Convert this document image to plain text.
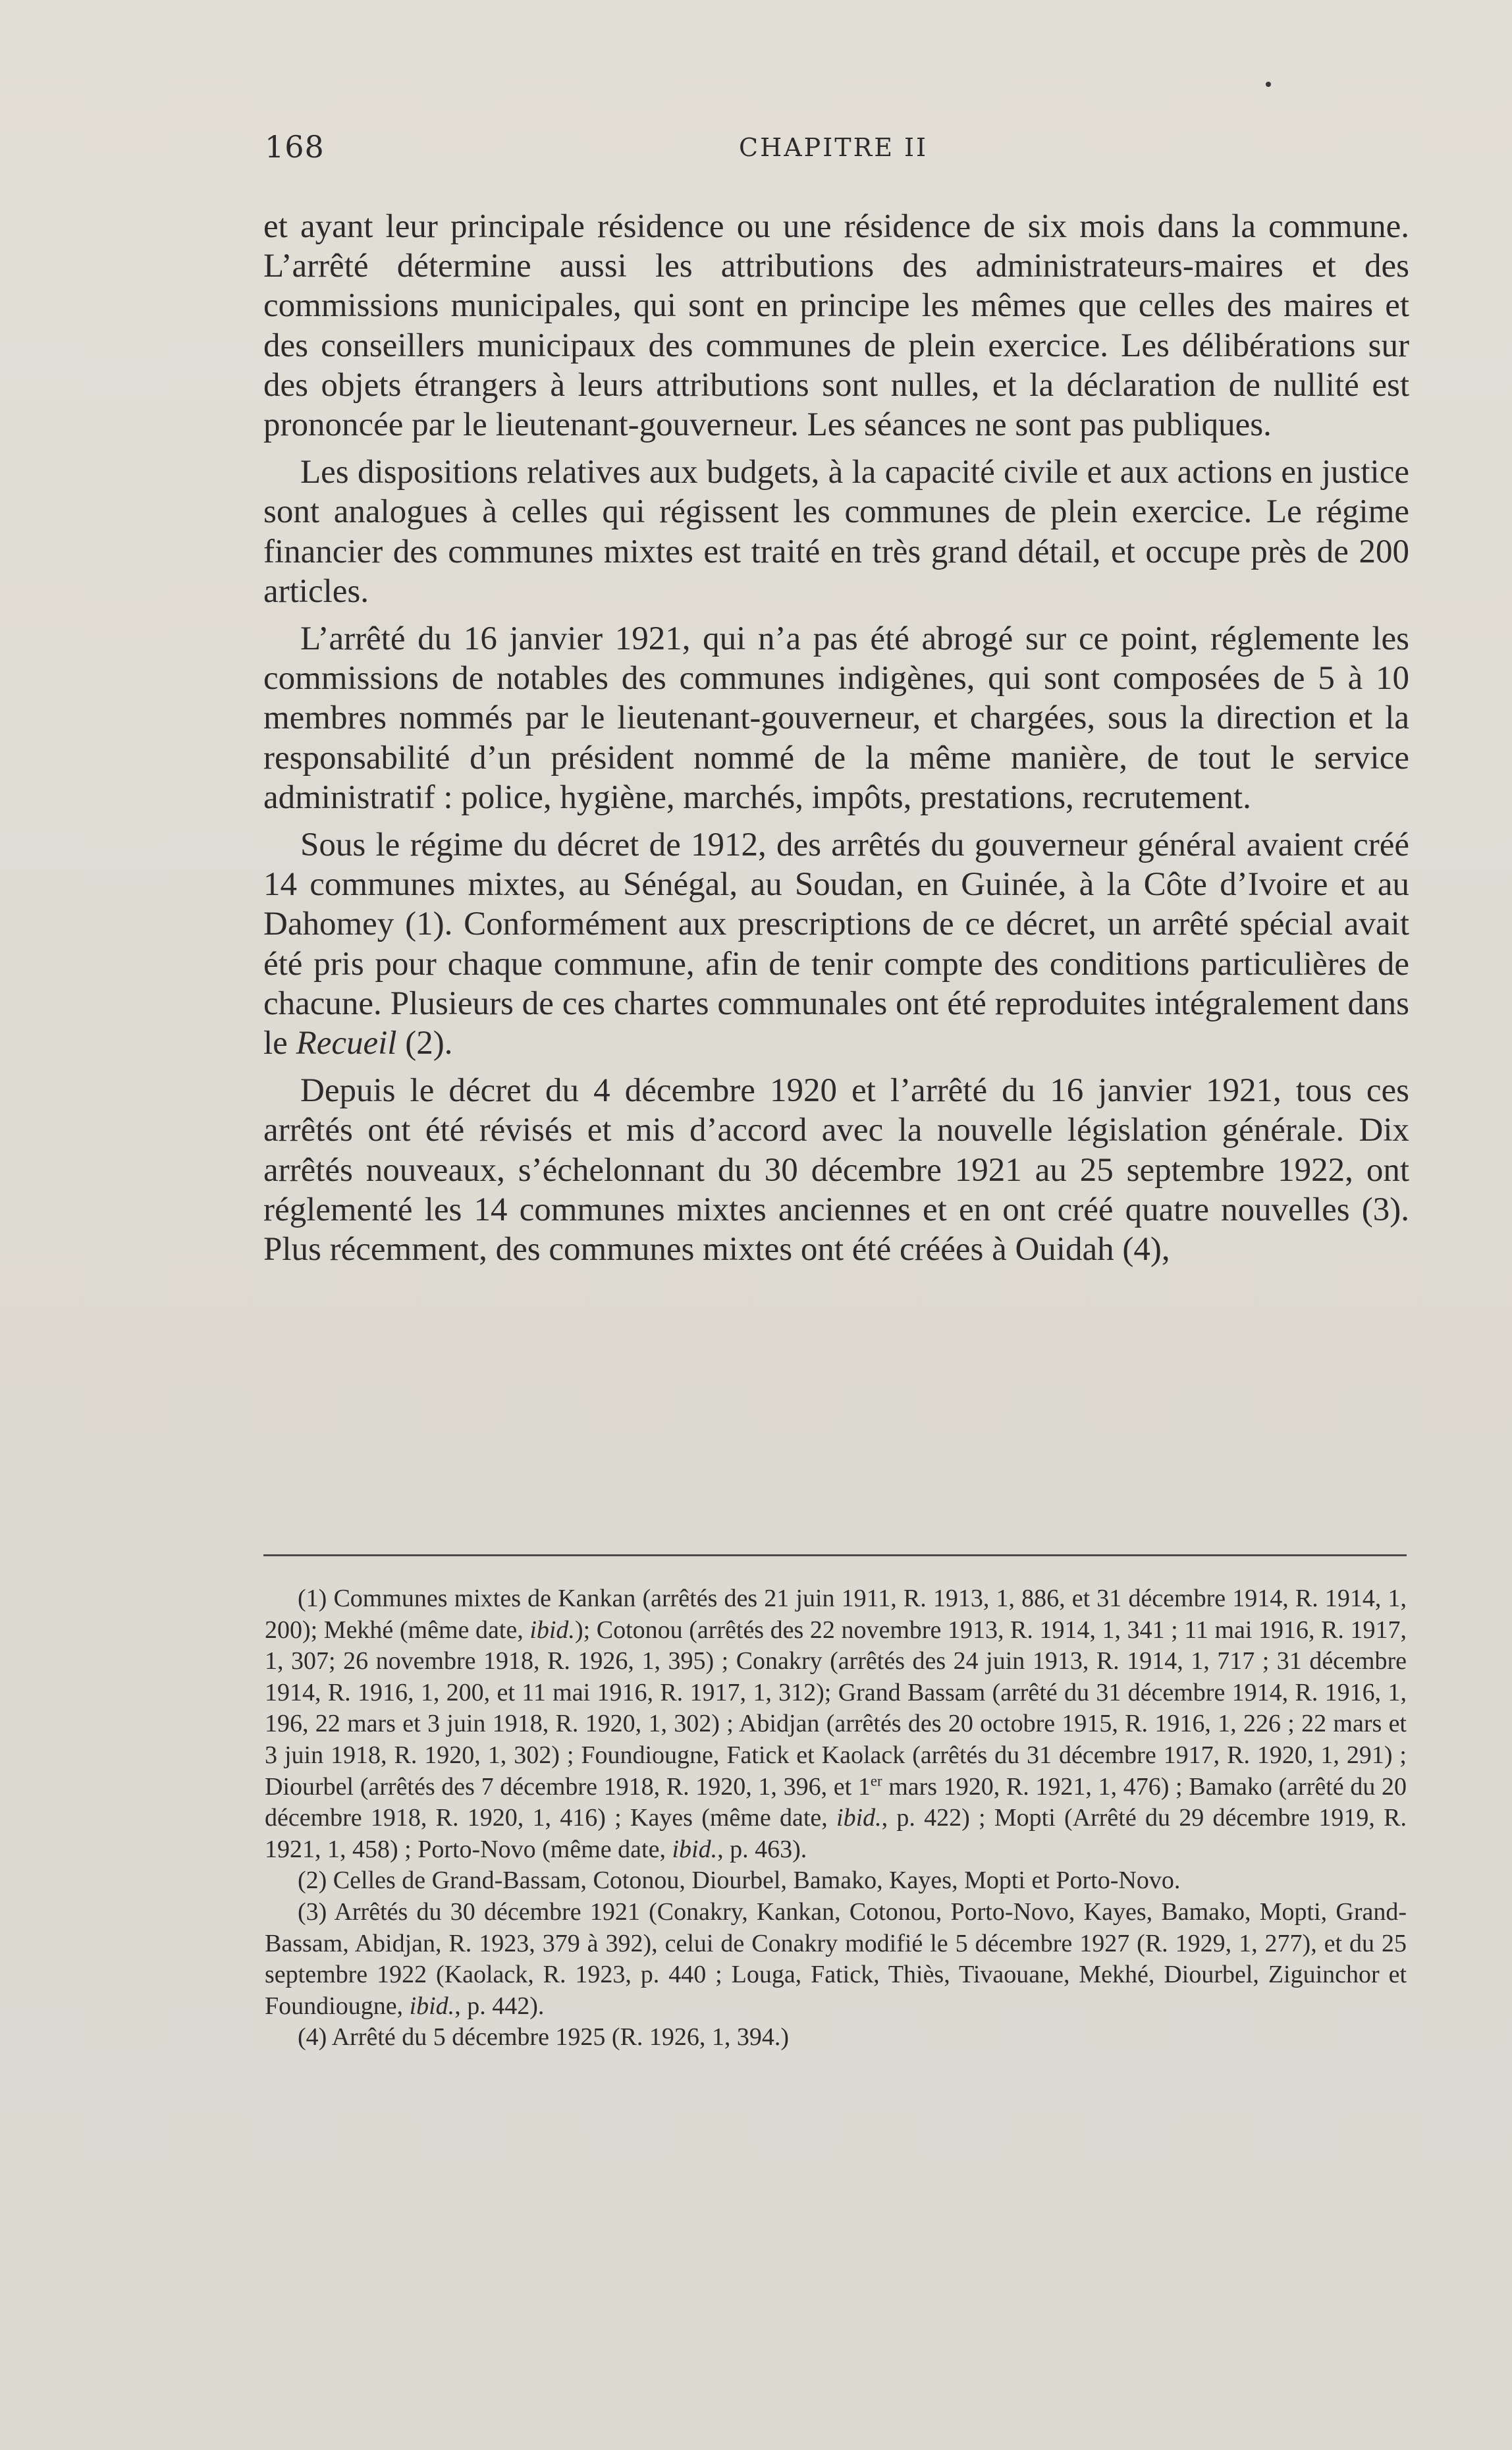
168	CHAPITRE II

et ayant leur principale résidence ou une résidence de six mois dans la commune. L’arrêté détermine aussi les attributions des administrateurs-maires et des commissions municipales, qui sont en principe les mêmes que celles des maires et des conseillers municipaux des communes de plein exercice. Les délibérations sur des objets étrangers à leurs attributions sont nulles, et la déclaration de nullité est prononcée par le lieutenant-gouverneur. Les séances ne sont pas publiques.

Les dispositions relatives aux budgets, à la capacité civile et aux actions en justice sont analogues à celles qui régissent les communes de plein exercice. Le régime financier des communes mixtes est traité en très grand détail, et occupe près de 200 articles.

L’arrêté du 16 janvier 1921, qui n’a pas été abrogé sur ce point, réglemente les commissions de notables des communes indigènes, qui sont composées de 5 à 10 membres nommés par le lieutenant-gouverneur, et chargées, sous la direction et la responsabilité d’un président nommé de la même manière, de tout le service administratif : police, hygiène, marchés, impôts, prestations, recrutement.

Sous le régime du décret de 1912, des arrêtés du gouverneur général avaient créé 14 communes mixtes, au Sénégal, au Soudan, en Guinée, à la Côte d’Ivoire et au Dahomey (1). Conformément aux prescriptions de ce décret, un arrêté spécial avait été pris pour chaque commune, afin de tenir compte des conditions particulières de chacune. Plusieurs de ces chartes communales ont été reproduites intégralement dans le Recueil (2).

Depuis le décret du 4 décembre 1920 et l’arrêté du 16 janvier 1921, tous ces arrêtés ont été révisés et mis d’accord avec la nouvelle législation générale. Dix arrêtés nouveaux, s’échelonnant du 30 décembre 1921 au 25 septembre 1922, ont réglementé les 14 communes mixtes anciennes et en ont créé quatre nouvelles (3). Plus récemment, des communes mixtes ont été créées à Ouidah (4),

(1) Communes mixtes de Kankan (arrêtés des 21 juin 1911, R. 1913, 1, 886, et 31 décembre 1914, R. 1914, 1, 200); Mekhé (même date, ibid.); Cotonou (arrêtés des 22 novembre 1913, R. 1914, 1, 341 ; 11 mai 1916, R. 1917, 1, 307; 26 novembre 1918, R. 1926, 1, 395) ; Conakry (arrêtés des 24 juin 1913, R. 1914, 1, 717 ; 31 décembre 1914, R. 1916, 1, 200, et 11 mai 1916, R. 1917, 1, 312); Grand Bassam (arrêté du 31 décembre 1914, R. 1916, 1, 196, 22 mars et 3 juin 1918, R. 1920, 1, 302) ; Abidjan (arrêtés des 20 octobre 1915, R. 1916, 1, 226 ; 22 mars et 3 juin 1918, R. 1920, 1, 302) ; Foundiougne, Fatick et Kaolack (arrêtés du 31 décembre 1917, R. 1920, 1, 291) ; Diourbel (arrêtés des 7 décembre 1918, R. 1920, 1, 396, et 1er mars 1920, R. 1921, 1, 476) ; Bamako (arrêté du 20 décembre 1918, R. 1920, 1, 416) ; Kayes (même date, ibid., p. 422) ; Mopti (Arrêté du 29 décembre 1919, R. 1921, 1, 458) ; Porto-Novo (même date, ibid., p. 463).

(2) Celles de Grand-Bassam, Cotonou, Diourbel, Bamako, Kayes, Mopti et Porto-Novo.

(3) Arrêtés du 30 décembre 1921 (Conakry, Kankan, Cotonou, Porto-Novo, Kayes, Bamako, Mopti, Grand-Bassam, Abidjan, R. 1923, 379 à 392), celui de Conakry modifié le 5 décembre 1927 (R. 1929, 1, 277), et du 25 septembre 1922 (Kaolack, R. 1923, p. 440 ; Louga, Fatick, Thiès, Tivaouane, Mekhé, Diourbel, Ziguinchor et Foundiougne, ibid., p. 442).

(4) Arrêté du 5 décembre 1925 (R. 1926, 1, 394.)
